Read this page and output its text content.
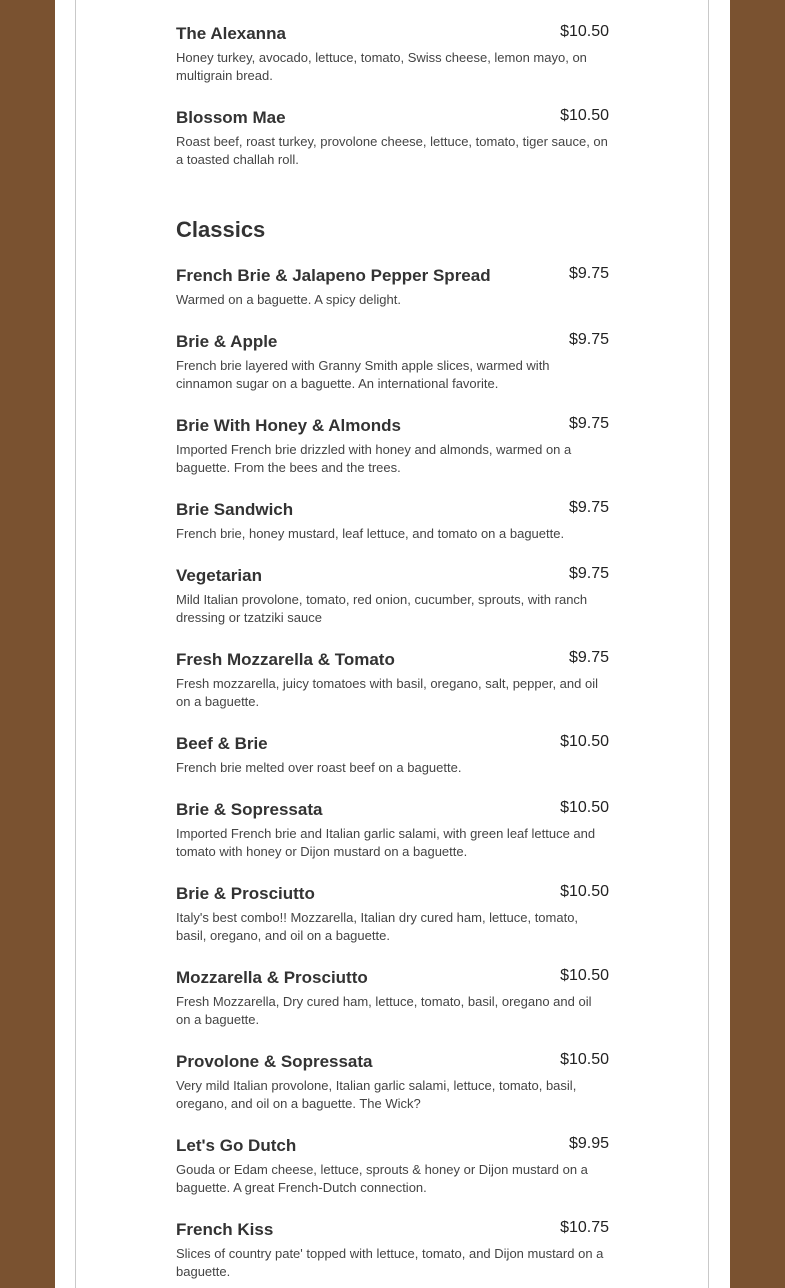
The Alexanna	$10.50
Honey turkey, avocado, lettuce, tomato, Swiss cheese, lemon mayo, on multigrain bread.
Blossom Mae	$10.50
Roast beef, roast turkey, provolone cheese, lettuce, tomato, tiger sauce, on a toasted challah roll.
Classics
French Brie & Jalapeno Pepper Spread	$9.75
Warmed on a baguette. A spicy delight.
Brie & Apple	$9.75
French brie layered with Granny Smith apple slices, warmed with cinnamon sugar on a baguette. An international favorite.
Brie With Honey & Almonds	$9.75
Imported French brie drizzled with honey and almonds, warmed on a baguette. From the bees and the trees.
Brie Sandwich	$9.75
French brie, honey mustard, leaf lettuce, and tomato on a baguette.
Vegetarian	$9.75
Mild Italian provolone, tomato, red onion, cucumber, sprouts, with ranch dressing or tzatziki sauce
Fresh Mozzarella & Tomato	$9.75
Fresh mozzarella, juicy tomatoes with basil, oregano, salt, pepper, and oil on a baguette.
Beef & Brie	$10.50
French brie melted over roast beef on a baguette.
Brie & Sopressata	$10.50
Imported French brie and Italian garlic salami, with green leaf lettuce and tomato with honey or Dijon mustard on a baguette.
Brie & Prosciutto	$10.50
Italy's best combo!! Mozzarella, Italian dry cured ham, lettuce, tomato, basil, oregano, and oil on a baguette.
Mozzarella & Prosciutto	$10.50
Fresh Mozzarella, Dry cured ham, lettuce, tomato, basil, oregano and oil on a baguette.
Provolone & Sopressata	$10.50
Very mild Italian provolone, Italian garlic salami, lettuce, tomato, basil, oregano, and oil on a baguette. The Wick?
Let's Go Dutch	$9.95
Gouda or Edam cheese, lettuce, sprouts & honey or Dijon mustard on a baguette. A great French-Dutch connection.
French Kiss	$10.75
Slices of country pate' topped with lettuce, tomato, and Dijon mustard on a baguette.
